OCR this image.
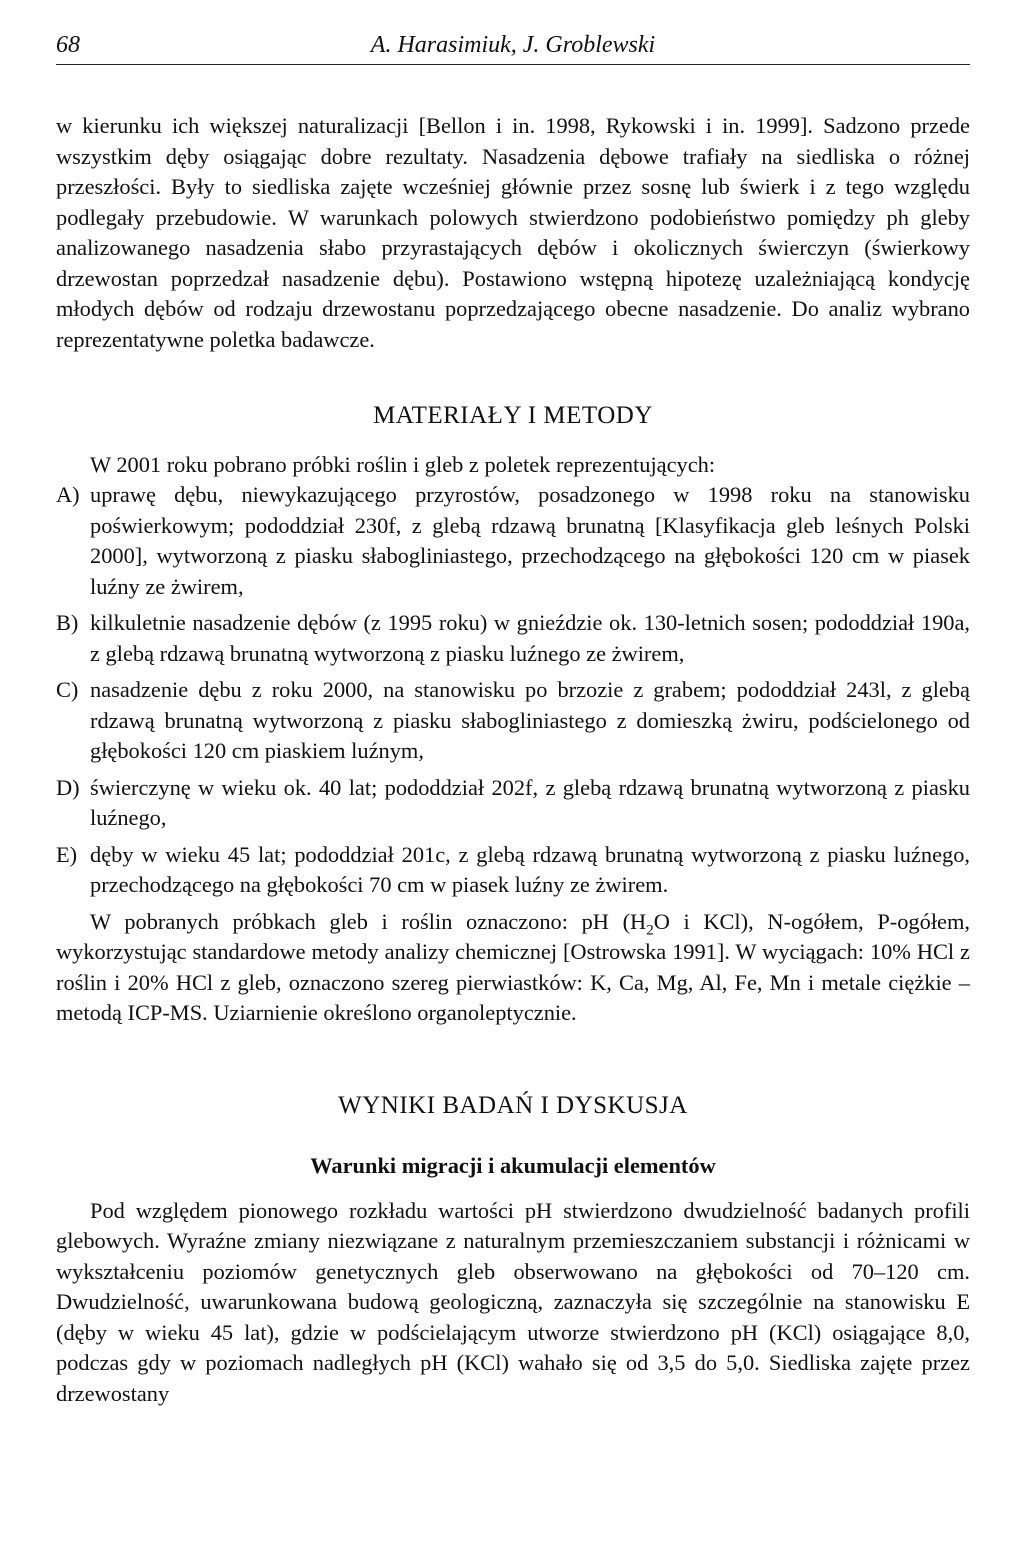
68	A. Harasimiuk, J. Groblewski

w kierunku ich większej naturalizacji [Bellon i in. 1998, Rykowski i in. 1999]. Sadzono przede wszystkim dęby osiągając dobre rezultaty. Nasadzenia dębowe trafiały na siedliska o różnej przeszłości. Były to siedliska zajęte wcześniej głównie przez sosnę lub świerk i z tego względu podlegały przebudowie. W warunkach polowych stwierdzono podobieństwo pomiędzy ph gleby analizowanego nasadzenia słabo przyrastających dębów i okolicznych świerczyn (świerkowy drzewostan poprzedzał nasadzenie dębu). Postawiono wstępną hipotezę uzależniającą kondycję młodych dębów od rodzaju drzewostanu poprzedzającego obecne nasadzenie. Do analiz wybrano reprezentatywne poletka badawcze.

MATERIAŁY I METODY

W 2001 roku pobrano próbki roślin i gleb z poletek reprezentujących:

A) uprawę dębu, niewykazującego przyrostów, posadzonego w 1998 roku na stanowisku poświerkowym; pododdział 230f, z glebą rdzawą brunatną [Klasyfikacja gleb leśnych Polski 2000], wytworzoną z piasku słabogliniastego, przechodzącego na głębokości 120 cm w piasek luźny ze żwirem,
B) kilkuletnie nasadzenie dębów (z 1995 roku) w gnieździe ok. 130-letnich sosen; pododdział 190a, z glebą rdzawą brunatną wytworzoną z piasku luźnego ze żwirem,
C) nasadzenie dębu z roku 2000, na stanowisku po brzozie z grabem; pododdział 243l, z glebą rdzawą brunatną wytworzoną z piasku słabogliniastego z domieszką żwiru, podścielonego od głębokości 120 cm piaskiem luźnym,
D) świerczynę w wieku ok. 40 lat; pododdział 202f, z glebą rdzawą brunatną wytworzoną z piasku luźnego,
E) dęby w wieku 45 lat; pododdział 201c, z glebą rdzawą brunatną wytworzoną z piasku luźnego, przechodzącego na głębokości 70 cm w piasek luźny ze żwirem.

W pobranych próbkach gleb i roślin oznaczono: pH ($H_2O$ i KCl), N-ogółem, P-ogółem, wykorzystując standardowe metody analizy chemicznej [Ostrowska 1991]. W wyciągach: 10% HCl z roślin i 20% HCl z gleb, oznaczono szereg pierwiastków: K, Ca, Mg, Al, Fe, Mn i metale ciężkie – metodą ICP-MS. Uziarnienie określono organoleptycznie.

WYNIKI BADAŃ I DYSKUSJA
Warunki migracji i akumulacji elementów

Pod względem pionowego rozkładu wartości pH stwierdzono dwudzielność badanych profili glebowych. Wyraźne zmiany niezwiązane z naturalnym przemieszczaniem substancji i różnicami w wykształceniu poziomów genetycznych gleb obserwowano na głębokości od 70–120 cm. Dwudzielność, uwarunkowana budową geologiczną, zaznaczyła się szczególnie na stanowisku E (dęby w wieku 45 lat), gdzie w podścielającym utworze stwierdzono pH (KCl) osiągające 8,0, podczas gdy w poziomach nadległych pH (KCl) wahało się od 3,5 do 5,0. Siedliska zajęte przez drzewostany
